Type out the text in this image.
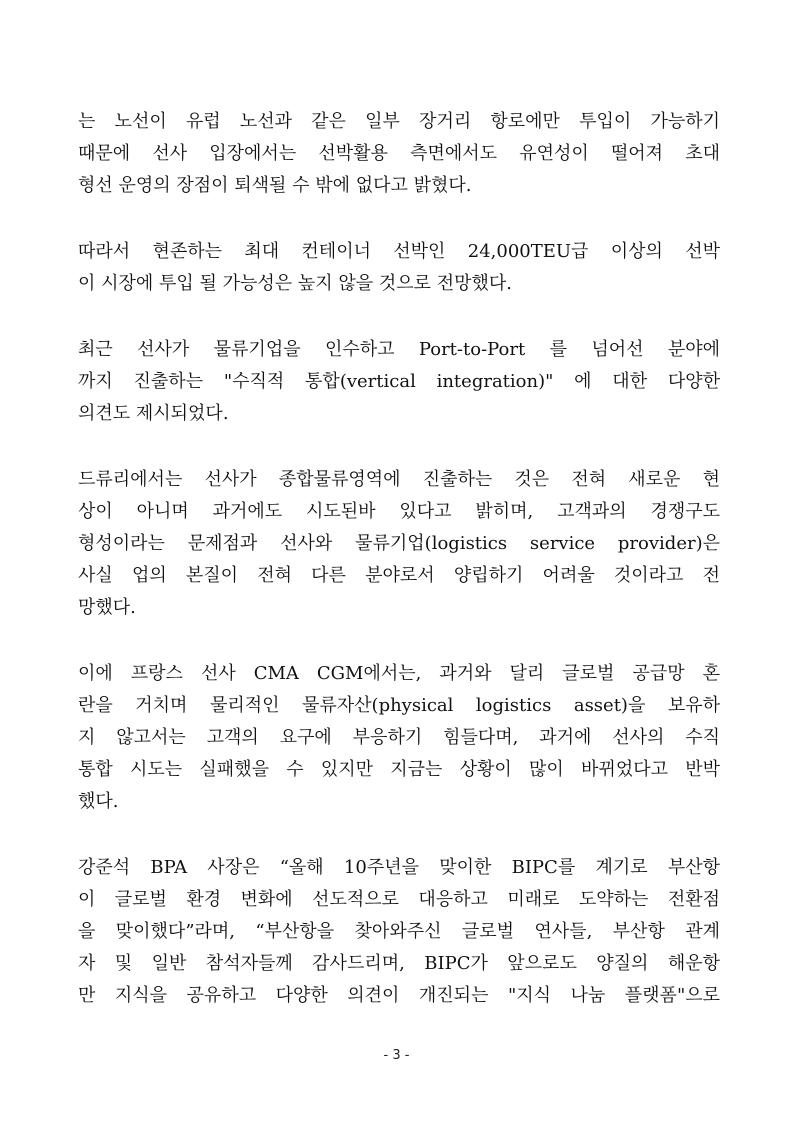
는 노선이 유럽 노선과 같은 일부 장거리 항로에만 투입이 가능하기
때문에 선사 입장에서는 선박활용 측면에서도 유연성이 떨어져 초대
형선 운영의 장점이 퇴색될 수 밖에 없다고 밝혔다.

따라서 현존하는 최대 컨테이너 선박인 24,000TEU급 이상의 선박
이 시장에 투입 될 가능성은 높지 않을 것으로 전망했다.

최근 선사가 물류기업을 인수하고 Port-to-Port 를 넘어선 분야에
까지 진출하는 "수직적 통합(vertical integration)" 에 대한 다양한
의견도 제시되었다.

드류리에서는 선사가 종합물류영역에 진출하는 것은 전혀 새로운 현
상이 아니며 과거에도 시도된바 있다고 밝히며, 고객과의 경쟁구도
형성이라는 문제점과 선사와 물류기업(logistics service provider)은
사실 업의 본질이 전혀 다른 분야로서 양립하기 어려울 것이라고 전
망했다.

이에 프랑스 선사 CMA CGM에서는, 과거와 달리 글로벌 공급망 혼
란을 거치며 물리적인 물류자산(physical logistics asset)을 보유하
지 않고서는 고객의 요구에 부응하기 힘들다며, 과거에 선사의 수직
통합 시도는 실패했을 수 있지만 지금는 상황이 많이 바뀌었다고 반박
했다.

강준석 BPA 사장은 “올해 10주년을 맞이한 BIPC를 계기로 부산항
이 글로벌 환경 변화에 선도적으로 대응하고 미래로 도약하는 전환점
을 맞이했다”라며, “부산항을 찾아와주신 글로벌 연사들, 부산항 관계
자 및 일반 참석자들께 감사드리며, BIPC가 앞으로도 양질의 해운항
만 지식을 공유하고 다양한 의견이 개진되는 "지식 나눔 플랫폼"으로

- 3 -
